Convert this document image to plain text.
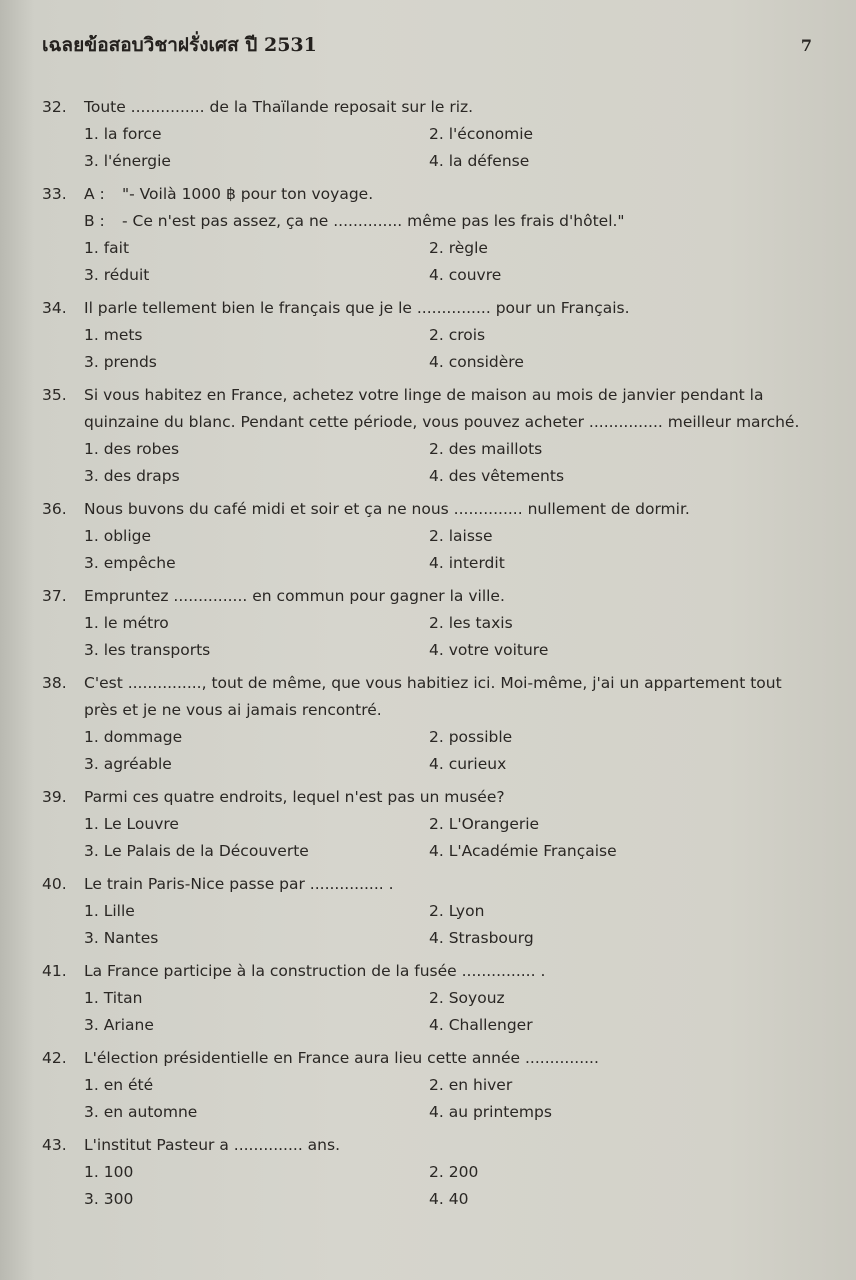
เฉลยข้อสอบวิชาฝรั่งเศส ปี 2531	7
32.	Toute ............... de la Thaïlande reposait sur le riz.
1. la force	2. l'économie
3. l'énergie	4. la défense
33.	A :	"- Voilà 1000 ฿ pour ton voyage.
B :	- Ce n'est pas assez, ça ne .............. même pas les frais d'hôtel."
1. fait	2. règle
3. réduit	4. couvre
34.	Il parle tellement bien le français que je le ............... pour un Français.
1. mets	2. crois
3. prends	4. considère
35.	Si vous habitez en France, achetez votre linge de maison au mois de janvier pendant la quinzaine du blanc. Pendant cette période, vous pouvez acheter ............... meilleur marché.
1. des robes	2. des maillots
3. des draps	4. des vêtements
36.	Nous buvons du café midi et soir et ça ne nous .............. nullement de dormir.
1. oblige	2. laisse
3. empêche	4. interdit
37.	Empruntez ............... en commun pour gagner la ville.
1. le métro	2. les taxis
3. les transports	4. votre voiture
38.	C'est ..............., tout de même, que vous habitiez ici. Moi-même, j'ai un appartement tout près et je ne vous ai jamais rencontré.
1. dommage	2. possible
3. agréable	4. curieux
39.	Parmi ces quatre endroits, lequel n'est pas un musée?
1. Le Louvre	2. L'Orangerie
3. Le Palais de la Découverte	4. L'Académie Française
40.	Le train Paris-Nice passe par ............... .
1. Lille	2. Lyon
3. Nantes	4. Strasbourg
41.	La France participe à la construction de la fusée ............... .
1. Titan	2. Soyouz
3. Ariane	4. Challenger
42.	L'élection présidentielle en France aura lieu cette année ...............
1. en été	2. en hiver
3. en automne	4. au printemps
43.	L'institut Pasteur a .............. ans.
1. 100	2. 200
3. 300	4. 40
